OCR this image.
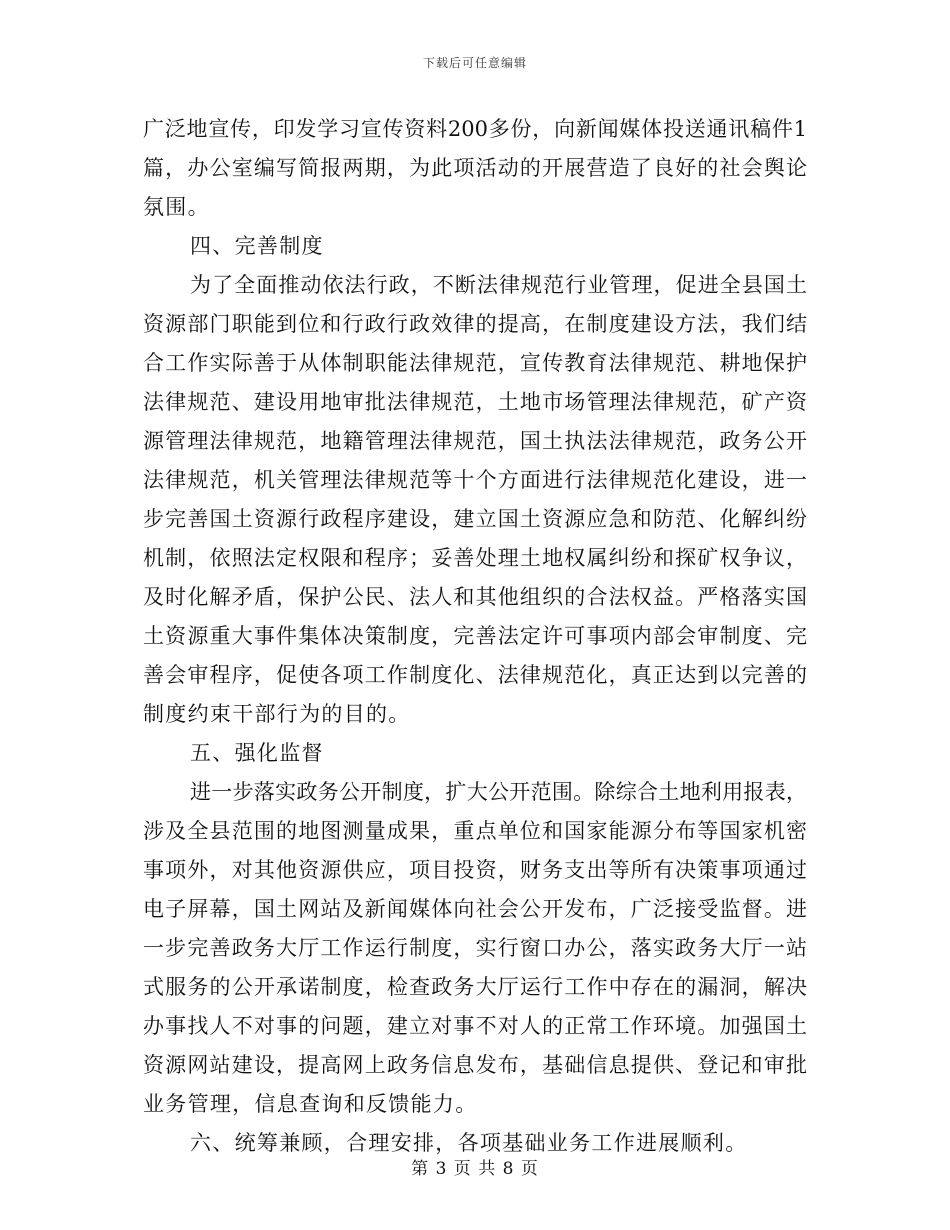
下载后可任意编辑
广泛地宣传，印发学习宣传资料200多份，向新闻媒体投送通讯稿件1
篇，办公室编写简报两期，为此项活动的开展营造了良好的社会舆论
氛围。
四、完善制度
为了全面推动依法行政，不断法律规范行业管理，促进全县国土
资源部门职能到位和行政行政效律的提高，在制度建设方法，我们结
合工作实际善于从体制职能法律规范，宣传教育法律规范、耕地保护
法律规范、建设用地审批法律规范，土地市场管理法律规范，矿产资
源管理法律规范，地籍管理法律规范，国土执法法律规范，政务公开
法律规范，机关管理法律规范等十个方面进行法律规范化建设，进一
步完善国土资源行政程序建设，建立国土资源应急和防范、化解纠纷
机制，依照法定权限和程序；妥善处理土地权属纠纷和探矿权争议，
及时化解矛盾，保护公民、法人和其他组织的合法权益。严格落实国
土资源重大事件集体决策制度，完善法定许可事项内部会审制度、完
善会审程序，促使各项工作制度化、法律规范化，真正达到以完善的
制度约束干部行为的目的。
五、强化监督
进一步落实政务公开制度，扩大公开范围。除综合土地利用报表，
涉及全县范围的地图测量成果，重点单位和国家能源分布等国家机密
事项外，对其他资源供应，项目投资，财务支出等所有决策事项通过
电子屏幕，国土网站及新闻媒体向社会公开发布，广泛接受监督。进
一步完善政务大厅工作运行制度，实行窗口办公，落实政务大厅一站
式服务的公开承诺制度，检查政务大厅运行工作中存在的漏洞，解决
办事找人不对事的问题，建立对事不对人的正常工作环境。加强国土
资源网站建设，提高网上政务信息发布，基础信息提供、登记和审批
业务管理，信息查询和反馈能力。
六、统筹兼顾，合理安排，各项基础业务工作进展顺利。
第 3 页 共 8 页
